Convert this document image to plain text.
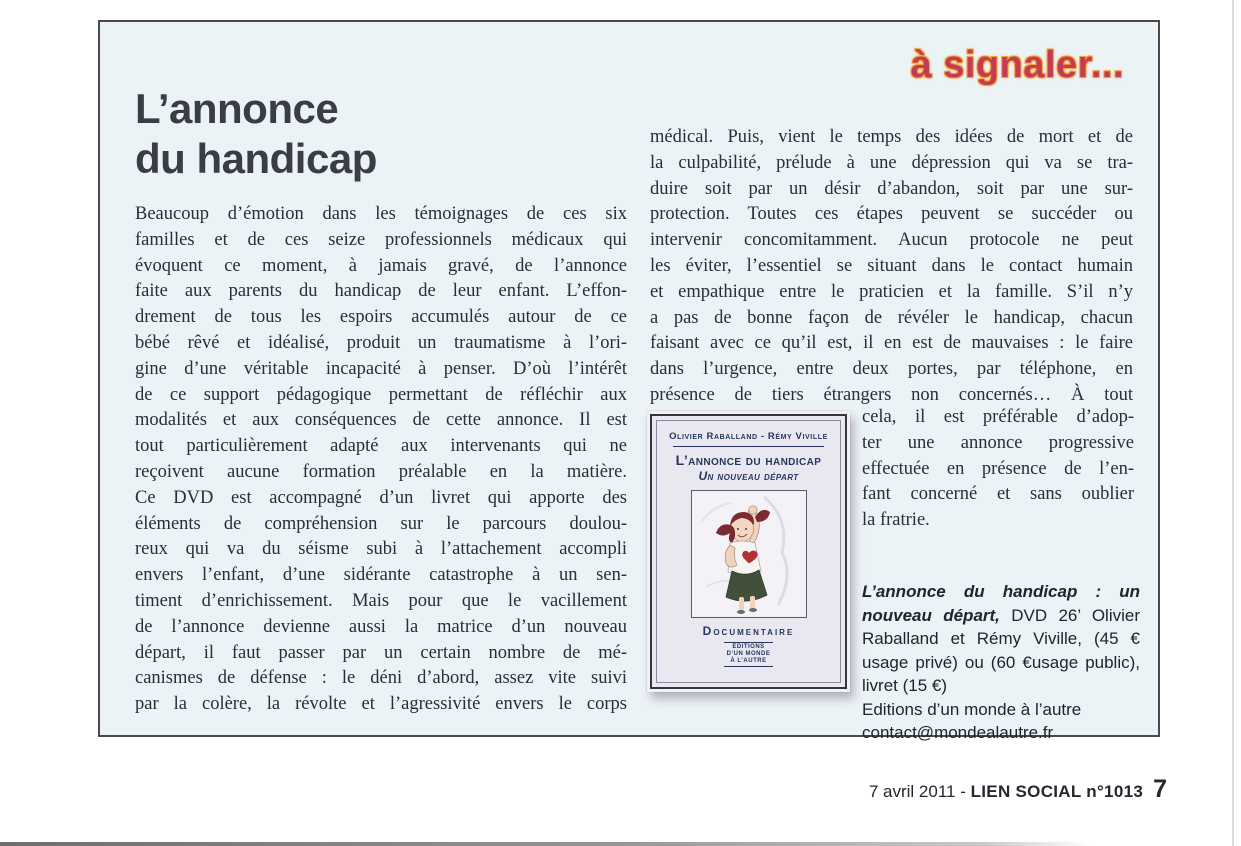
à signaler...
L’annonce
du handicap
Beaucoup d’émotion dans les témoignages de ces six
familles et de ces seize professionnels médicaux qui
évoquent ce moment, à jamais gravé, de l’annonce
faite aux parents du handicap de leur enfant. L’effon-
drement de tous les espoirs accumulés autour de ce
bébé rêvé et idéalisé, produit un traumatisme à l’ori-
gine d’une véritable incapacité à penser. D’où l’intérêt
de ce support pédagogique permettant de réfléchir aux
modalités et aux conséquences de cette annonce. Il est
tout particulièrement adapté aux intervenants qui ne
reçoivent aucune formation préalable en la matière.
Ce DVD est accompagné d’un livret qui apporte des
éléments de compréhension sur le parcours doulou-
reux qui va du séisme subi à l’attachement accompli
envers l’enfant, d’une sidérante catastrophe à un sen-
timent d’enrichissement. Mais pour que le vacillement
de l’annonce devienne aussi la matrice d’un nouveau
départ, il faut passer par un certain nombre de mé-
canismes de défense : le déni d’abord, assez vite suivi
par la colère, la révolte et l’agressivité envers le corps
médical. Puis, vient le temps des idées de mort et de
la culpabilité, prélude à une dépression qui va se tra-
duire soit par un désir d’abandon, soit par une sur-
protection. Toutes ces étapes peuvent se succéder ou
intervenir concomitamment. Aucun protocole ne peut
les éviter, l’essentiel se situant dans le contact humain
et empathique entre le praticien et la famille. S’il n’y
a pas de bonne façon de révéler le handicap, chacun
faisant avec ce qu’il est, il en est de mauvaises : le faire
dans l’urgence, entre deux portes, par téléphone, en
présence de tiers étrangers non concernés… À tout
cela, il est préférable d’adop-
ter une annonce progressive
effectuée en présence de l’en-
fant concerné et sans oublier
la fratrie.
Olivier Raballand - Rémy Viville
L’annonce du handicap
Un nouveau départ
Documentaire
ÉDITIONS
D’UN MONDE
À L’AUTRE

L’annonce du handicap : un nouveau départ, DVD 26’ Olivier Raballand et Rémy Viville, (45 € usage privé) ou (60 €usage public), livret (15 €)

Editions d’un monde à l’autre
contact@mondealautre.fr
7 avril 2011 - LIEN SOCIAL n°1013 7
